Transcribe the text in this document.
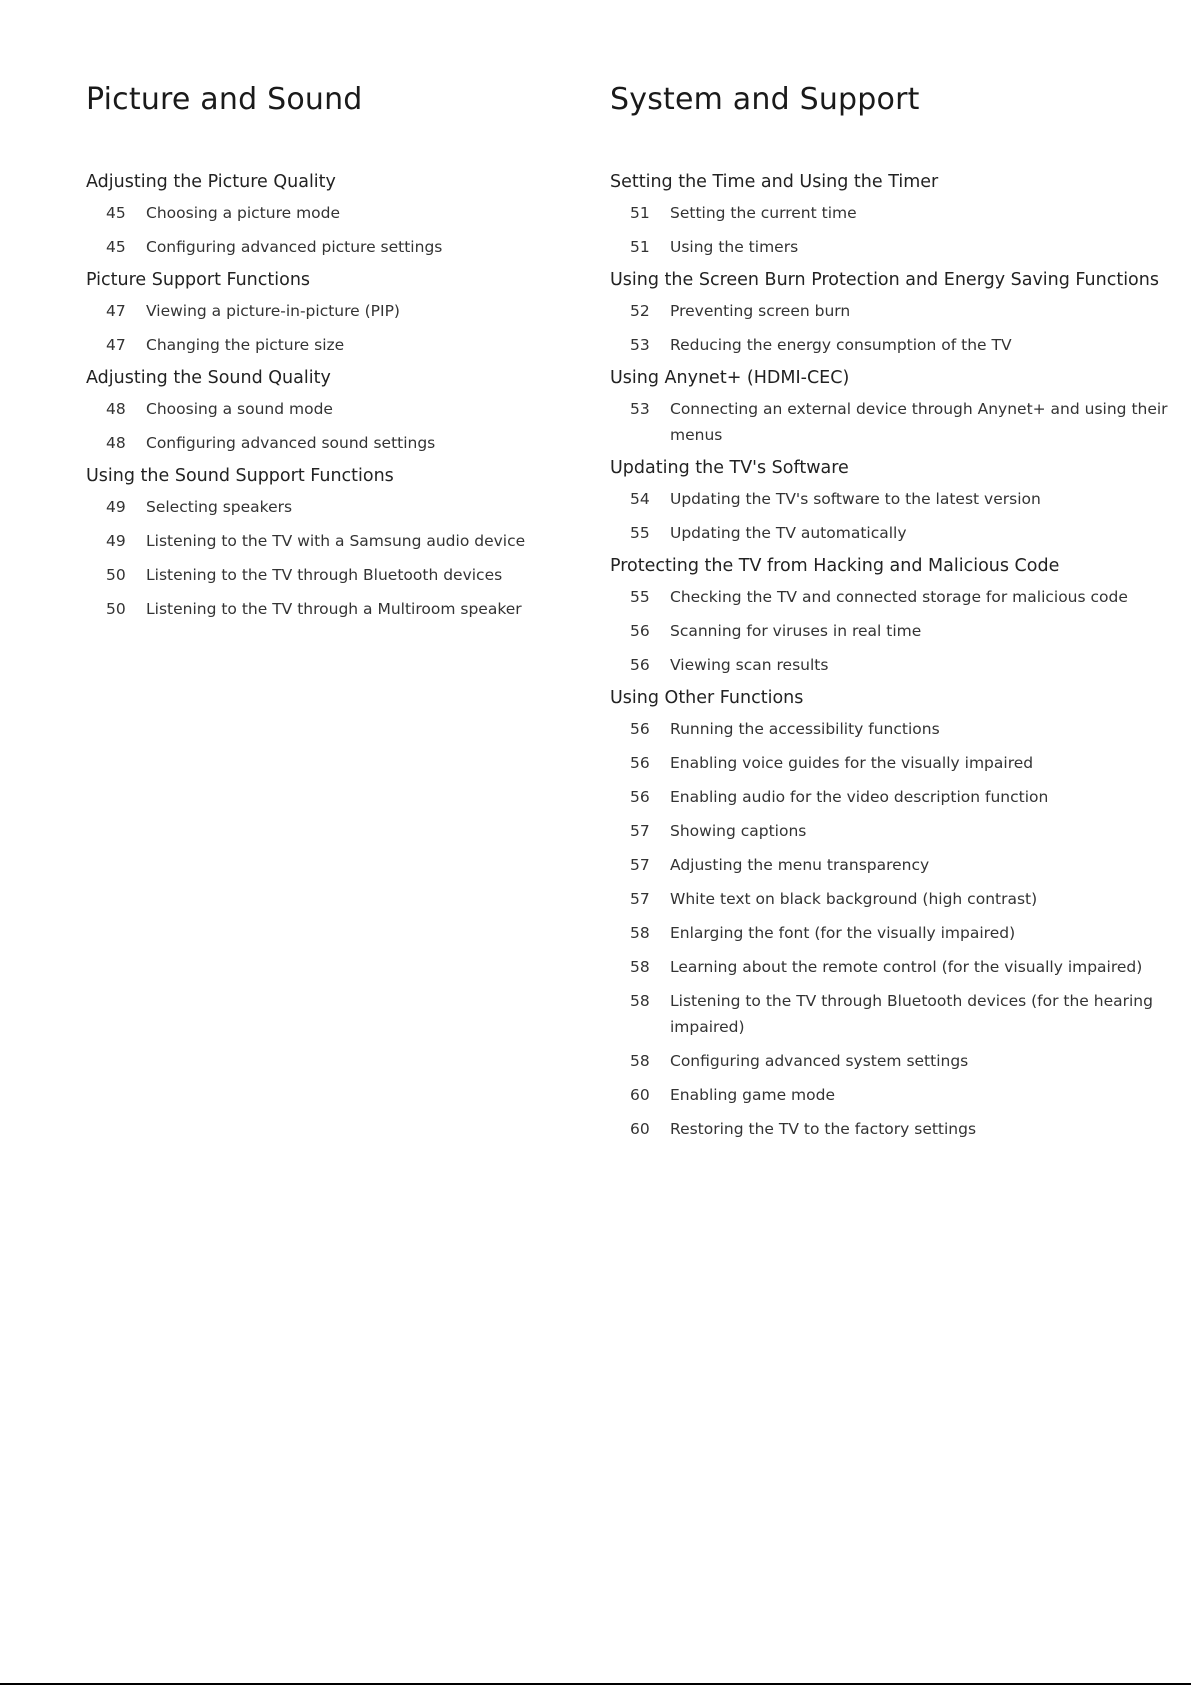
Picture and Sound
Adjusting the Picture Quality
45	Choosing a picture mode
45	Configuring advanced picture settings
Picture Support Functions
47	Viewing a picture-in-picture (PIP)
47	Changing the picture size
Adjusting the Sound Quality
48	Choosing a sound mode
48	Configuring advanced sound settings
Using the Sound Support Functions
49	Selecting speakers
49	Listening to the TV with a Samsung audio device
50	Listening to the TV through Bluetooth devices
50	Listening to the TV through a Multiroom speaker
System and Support
Setting the Time and Using the Timer
51	Setting the current time
51	Using the timers
Using the Screen Burn Protection and Energy Saving Functions
52	Preventing screen burn
53	Reducing the energy consumption of the TV
Using Anynet+ (HDMI-CEC)
53	Connecting an external device through Anynet+ and using their menus
Updating the TV's Software
54	Updating the TV's software to the latest version
55	Updating the TV automatically
Protecting the TV from Hacking and Malicious Code
55	Checking the TV and connected storage for malicious code
56	Scanning for viruses in real time
56	Viewing scan results
Using Other Functions
56	Running the accessibility functions
56	Enabling voice guides for the visually impaired
56	Enabling audio for the video description function
57	Showing captions
57	Adjusting the menu transparency
57	White text on black background (high contrast)
58	Enlarging the font (for the visually impaired)
58	Learning about the remote control (for the visually impaired)
58	Listening to the TV through Bluetooth devices (for the hearing impaired)
58	Configuring advanced system settings
60	Enabling game mode
60	Restoring the TV to the factory settings
